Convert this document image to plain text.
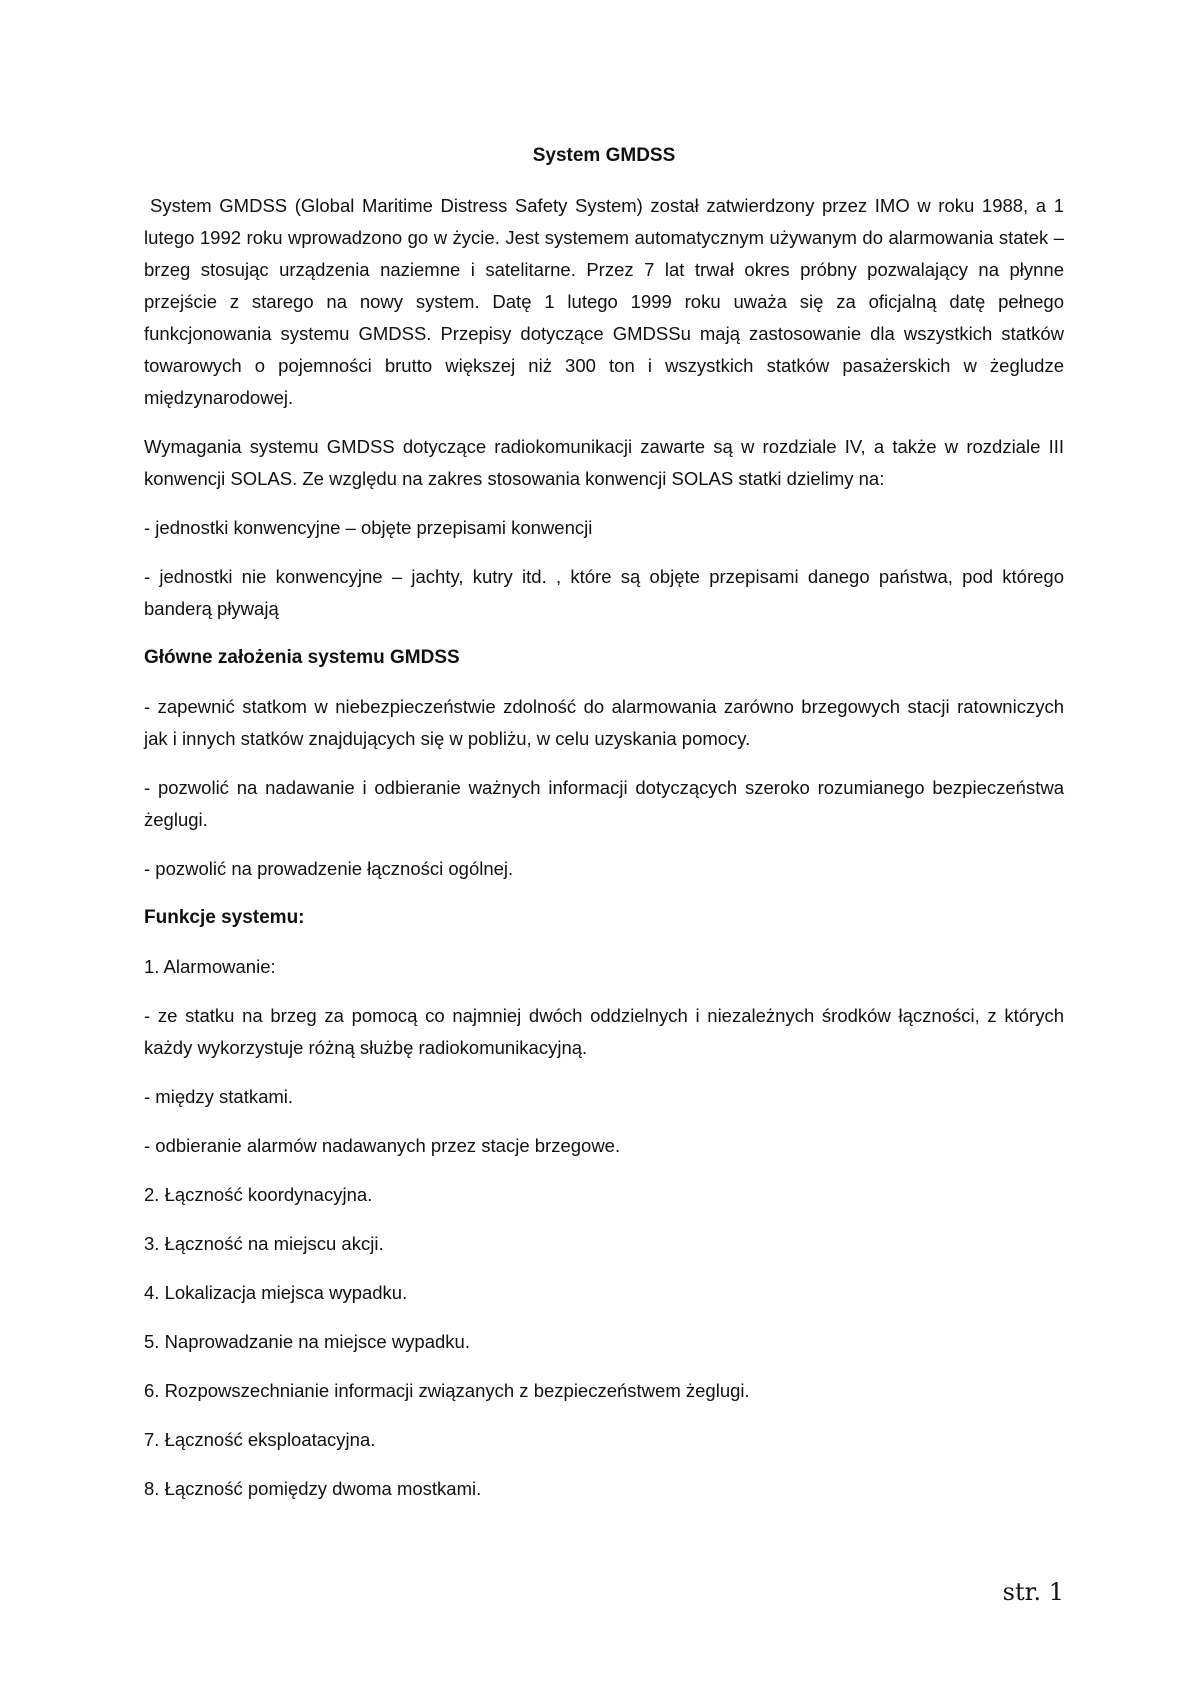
System GMDSS

System GMDSS (Global Maritime Distress Safety System) został zatwierdzony przez IMO w roku 1988, a 1 lutego 1992 roku wprowadzono go w życie. Jest systemem automatycznym używanym do alarmowania statek – brzeg stosując urządzenia naziemne i satelitarne. Przez 7 lat trwał okres próbny pozwalający na płynne przejście z starego na nowy system. Datę 1 lutego 1999 roku uważa się za oficjalną datę pełnego funkcjonowania systemu GMDSS. Przepisy dotyczące GMDSSu mają zastosowanie dla wszystkich statków towarowych o pojemności brutto większej niż 300 ton i wszystkich statków pasażerskich w żegludze międzynarodowej.

Wymagania systemu GMDSS dotyczące radiokomunikacji zawarte są w rozdziale IV, a także w rozdziale III konwencji SOLAS. Ze względu na zakres stosowania konwencji SOLAS statki dzielimy na:

- jednostki konwencyjne – objęte przepisami konwencji

- jednostki nie konwencyjne – jachty, kutry itd. , które są objęte przepisami danego państwa, pod którego banderą pływają

Główne założenia systemu GMDSS

- zapewnić statkom w niebezpieczeństwie zdolność do alarmowania zarówno brzegowych stacji ratowniczych jak i innych statków znajdujących się w pobliżu, w celu uzyskania pomocy.

- pozwolić na nadawanie i odbieranie ważnych informacji dotyczących szeroko rozumianego bezpieczeństwa żeglugi.

- pozwolić na prowadzenie łączności ogólnej.

Funkcje systemu:

1. Alarmowanie:

- ze statku na brzeg za pomocą co najmniej dwóch oddzielnych i niezależnych środków łączności, z których każdy wykorzystuje różną służbę radiokomunikacyjną.

- między statkami.

- odbieranie alarmów nadawanych przez stacje brzegowe.

2. Łączność koordynacyjna.

3. Łączność na miejscu akcji.

4. Lokalizacja miejsca wypadku.

5. Naprowadzanie na miejsce wypadku.

6. Rozpowszechnianie informacji związanych z bezpieczeństwem żeglugi.

7. Łączność eksploatacyjna.

8. Łączność pomiędzy dwoma mostkami.

str. 1
